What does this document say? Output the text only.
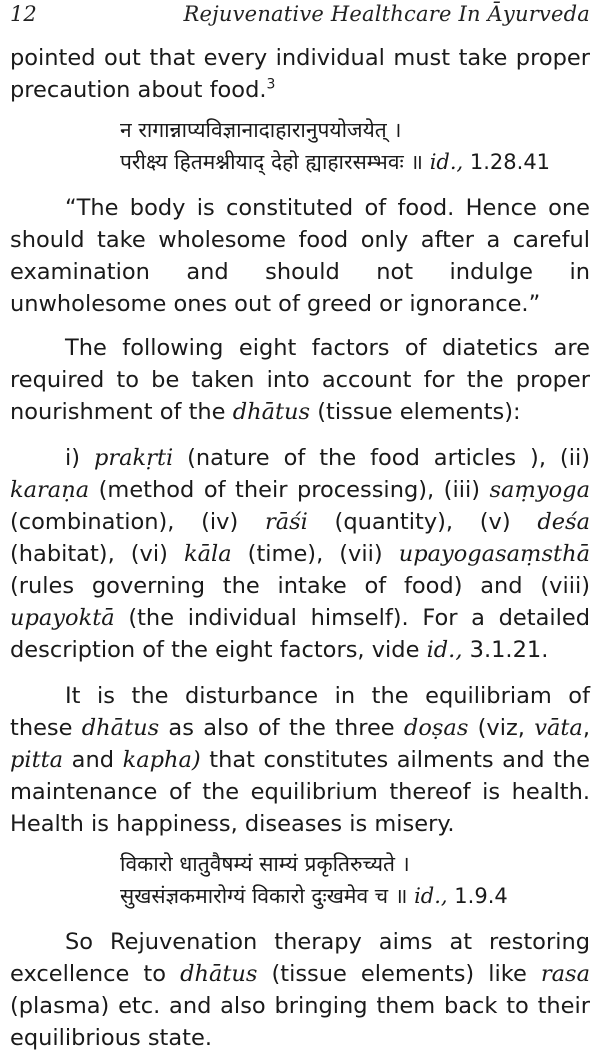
12	Rejuvenative Healthcare In Āyurveda

pointed out that every individual must take proper precaution about food.$^3$

न रागान्नाप्यविज्ञानादाहारानुपयोजयेत् ।

परीक्ष्य हितमश्नीयाद् देहो ह्याहारसम्भवः ॥ id., 1.28.41

“The body is constituted of food. Hence one should take wholesome food only after a careful examination and should not indulge in unwholesome ones out of greed or ignorance.”

The following eight factors of diatetics are required to be taken into account for the proper nourishment of the dhātus (tissue elements):

i) prakṛti (nature of the food articles ), (ii) karaṇa (method of their processing), (iii) saṃyoga (combination), (iv) rāśi (quantity), (v) deśa (habitat), (vi) kāla (time), (vii) upayogasaṃsthā (rules governing the intake of food) and (viii) upayoktā (the individual himself). For a detailed description of the eight factors, vide id., 3.1.21.

It is the disturbance in the equilibriam of these dhātus as also of the three doṣas (viz, vāta, pitta and kapha) that constitutes ailments and the maintenance of the equilibrium thereof is health. Health is happiness, diseases is misery.

विकारो धातुवैषम्यं साम्यं प्रकृतिरुच्यते ।

सुखसंज्ञकमारोग्यं विकारो दुःखमेव च ॥ id., 1.9.4

So Rejuvenation therapy aims at restoring excellence to dhātus (tissue elements) like rasa (plasma) etc. and also bringing them back to their equilibrious state.
